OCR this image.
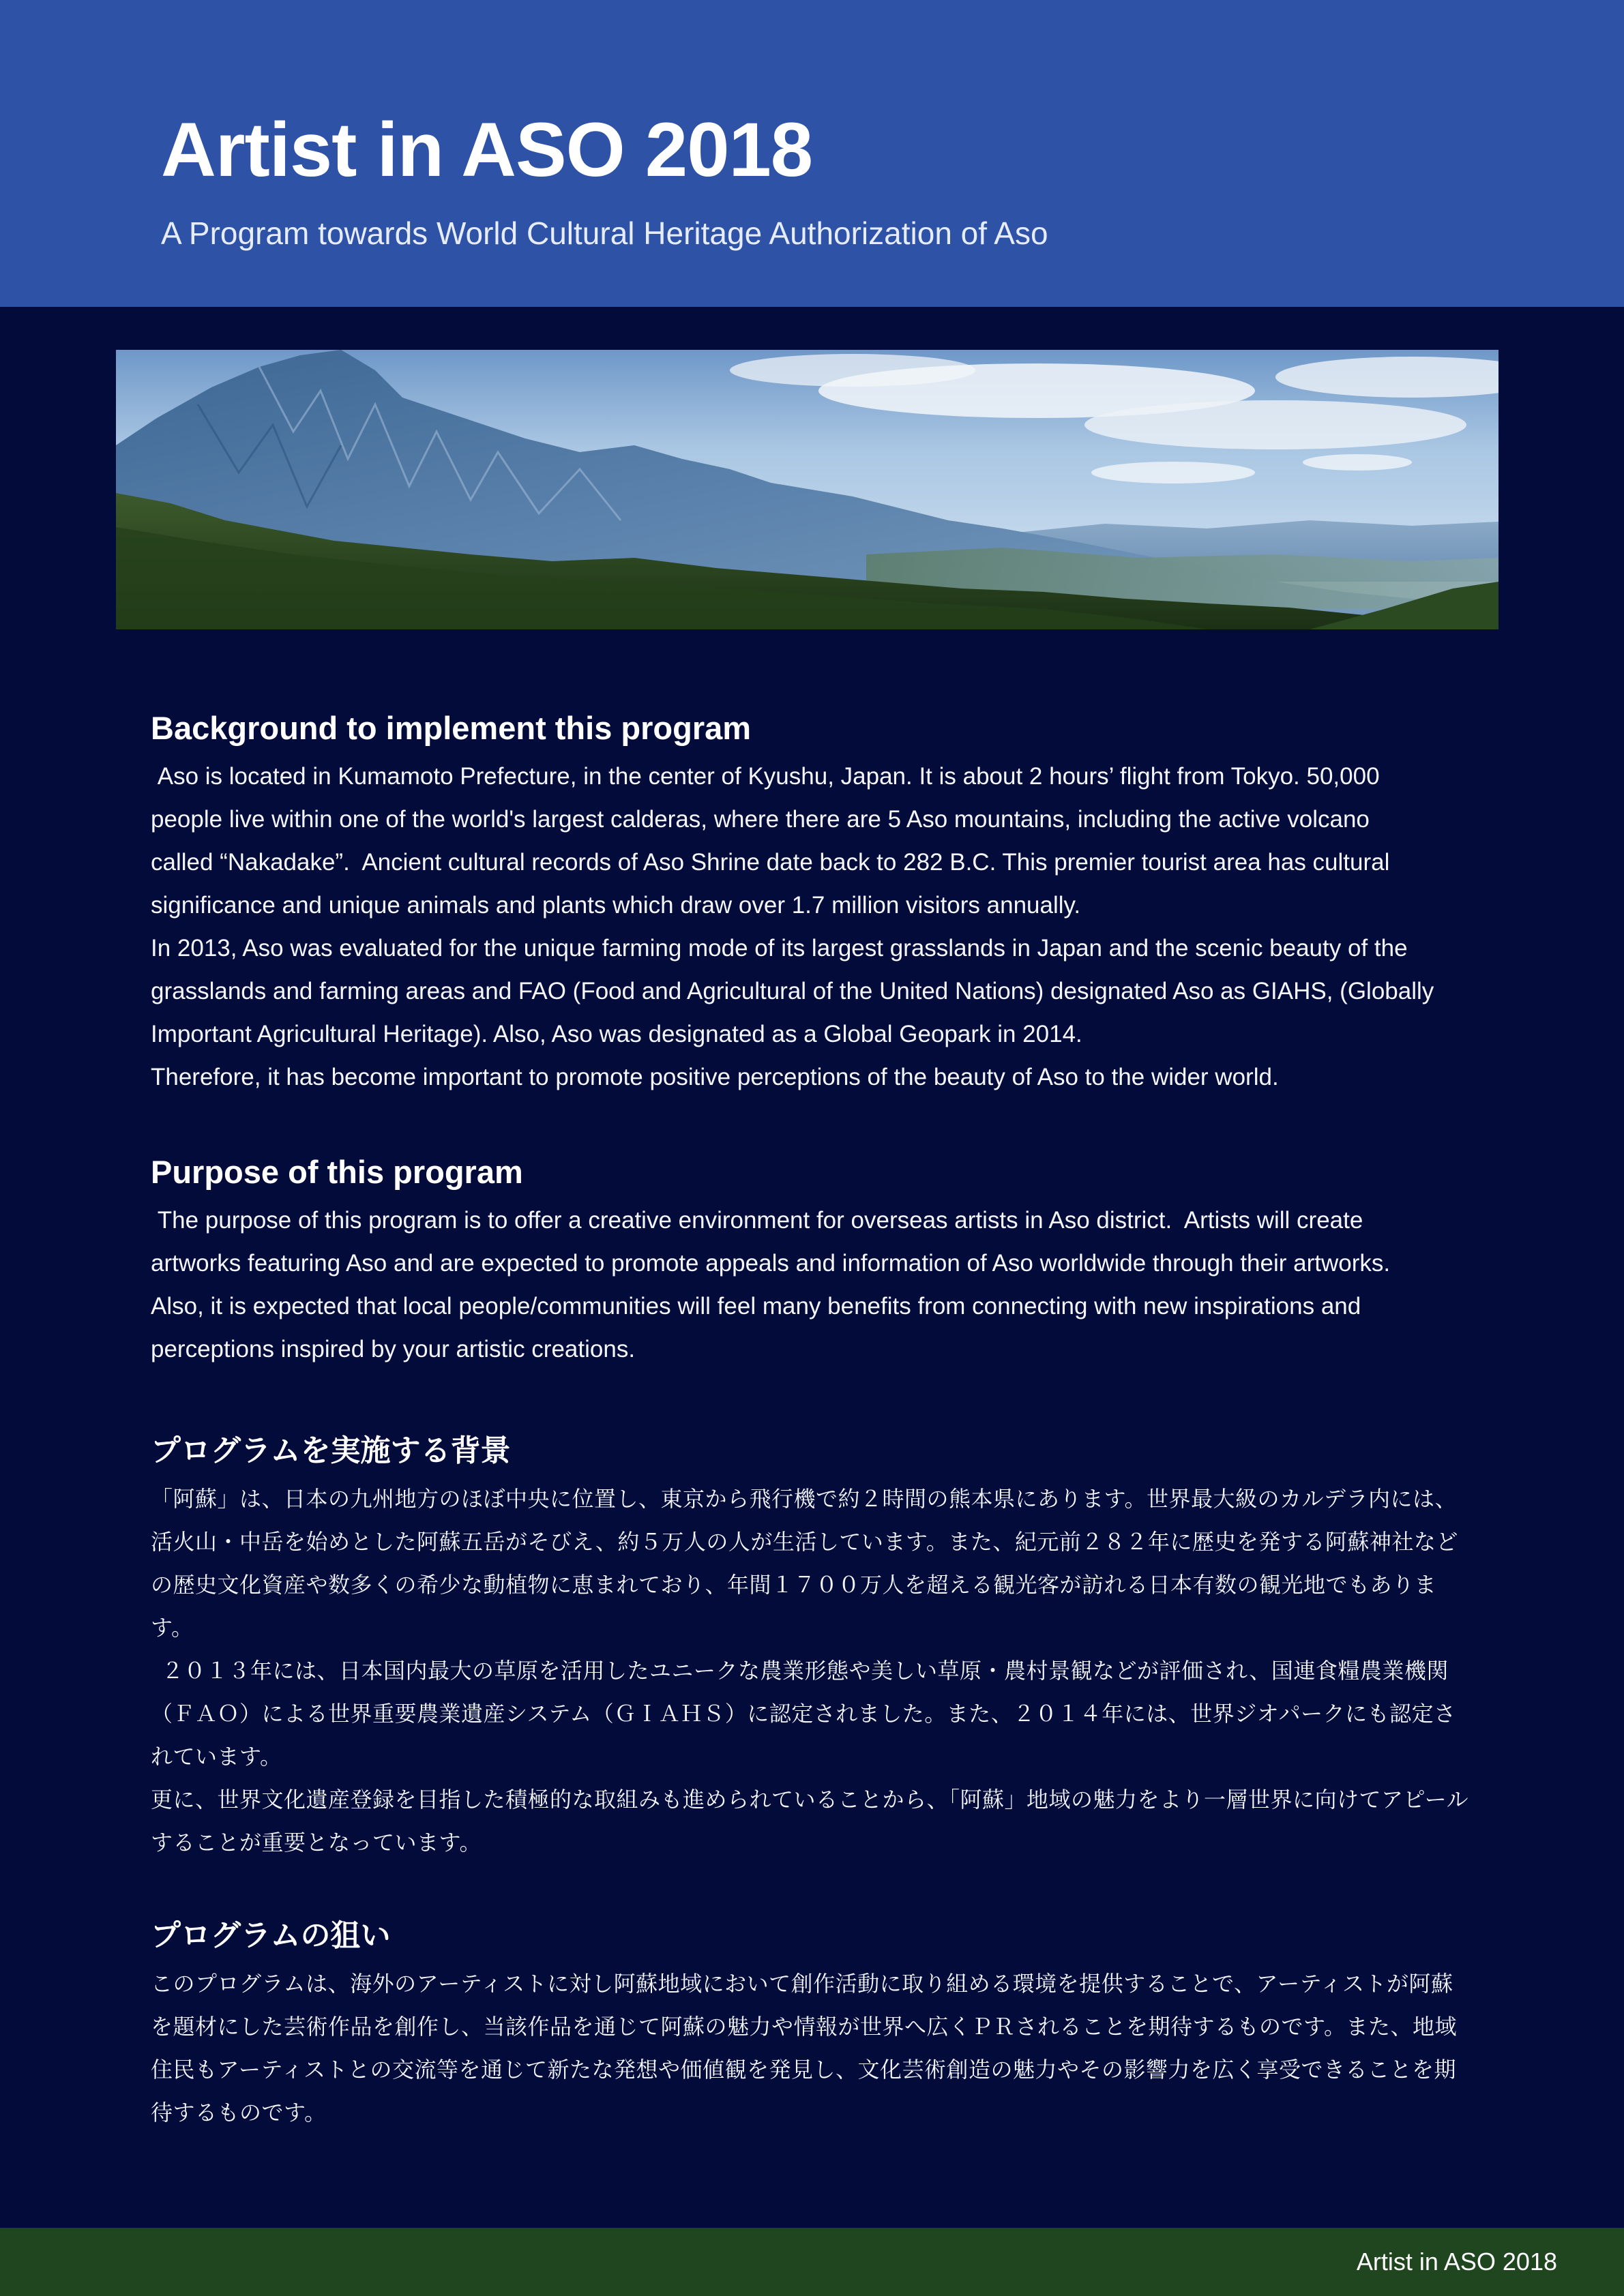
Artist in ASO 2018
A Program towards World Cultural Heritage Authorization of Aso
Background to implement this program
Aso is located in Kumamoto Prefecture, in the center of Kyushu, Japan. It is about 2 hours’ flight from Tokyo. 50,000
people live within one of the world's largest calderas, where there are 5 Aso mountains, including the active volcano
called “Nakadake”.  Ancient cultural records of Aso Shrine date back to 282 B.C. This premier tourist area has cultural
significance and unique animals and plants which draw over 1.7 million visitors annually.
In 2013, Aso was evaluated for the unique farming mode of its largest grasslands in Japan and the scenic beauty of the
grasslands and farming areas and FAO (Food and Agricultural of the United Nations) designated Aso as GIAHS, (Globally
Important Agricultural Heritage). Also, Aso was designated as a Global Geopark in 2014.
Therefore, it has become important to promote positive perceptions of the beauty of Aso to the wider world.
Purpose of this program
The purpose of this program is to offer a creative environment for overseas artists in Aso district.  Artists will create
artworks featuring Aso and are expected to promote appeals and information of Aso worldwide through their artworks.
Also, it is expected that local people/communities will feel many benefits from connecting with new inspirations and
perceptions inspired by your artistic creations.
プログラムを実施する背景

「阿蘇」は、日本の九州地方のほぼ中央に位置し、東京から飛行機で約２時間の熊本県にあります。世界最大級のカルデラ内には、活火山・中岳を始めとした阿蘇五岳がそびえ、約５万人の人が生活しています。また、紀元前２８２年に歴史を発する阿蘇神社などの歴史文化資産や数多くの希少な動植物に恵まれており、年間１７００万人を超える観光客が訪れる日本有数の観光地でもあります。

２０１３年には、日本国内最大の草原を活用したユニークな農業形態や美しい草原・農村景観などが評価され、国連食糧農業機関（ＦＡＯ）による世界重要農業遺産システム（ＧＩＡＨＳ）に認定されました。また、２０１４年には、世界ジオパークにも認定されています。

更に、世界文化遺産登録を目指した積極的な取組みも進められていることから、「阿蘇」地域の魅力をより一層世界に向けてアピールすることが重要となっています。

プログラムの狙い

このプログラムは、海外のアーティストに対し阿蘇地域において創作活動に取り組める環境を提供することで、アーティストが阿蘇を題材にした芸術作品を創作し、当該作品を通じて阿蘇の魅力や情報が世界へ広くＰＲされることを期待するものです。また、地域住民もアーティストとの交流等を通じて新たな発想や価値観を発見し、文化芸術創造の魅力やその影響力を広く享受できることを期待するものです。

Artist in ASO 2018
